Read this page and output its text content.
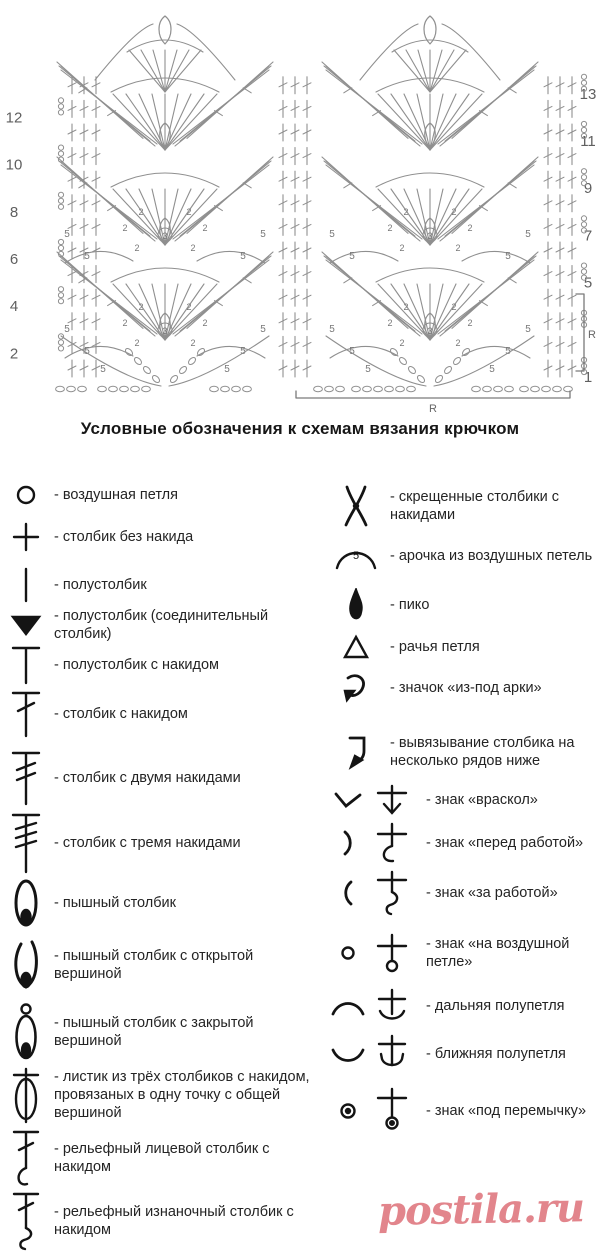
2
4
6
8
10
12
1
5
7
9
11
13
3
2	2
2	2
2	2
5	5
5	5
3
2	2
2	2
2	2
5	5
5	5
5	5
3
2	2
2	2
2	2
5	5
5	5
3
2	2
2	2
2	2
5	5
5	5
5	5
R
R
Условные обозначения к схемам вязания крючком
- воздушная петля
- столбик без накида
- полустолбик
- полустолбик (соединительный столбик)
- полустолбик с накидом
- столбик с накидом
- столбик с двумя накидами
- столбик с тремя накидами
- пышный столбик
- пышный столбик с открытой вершиной
- пышный столбик с закрытой вершиной
- листик из трёх столбиков с накидом, провязаных в одну точку с общей вершиной
- рельефный лицевой столбик с накидом
- рельефный изнаночный столбик с накидом
- скрещенные столбики с накидами
5 - арочка из воздушных петель
- пико
- рачья петля
- значок «из-под арки»
- вывязывание столбика на несколько рядов ниже
- знак «враскол»
- знак «перед работой»
- знак «за работой»
- знак «на воздушной петле»
- дальняя полупетля
- ближняя полупетля
- знак «под перемычку»
postila.ru
